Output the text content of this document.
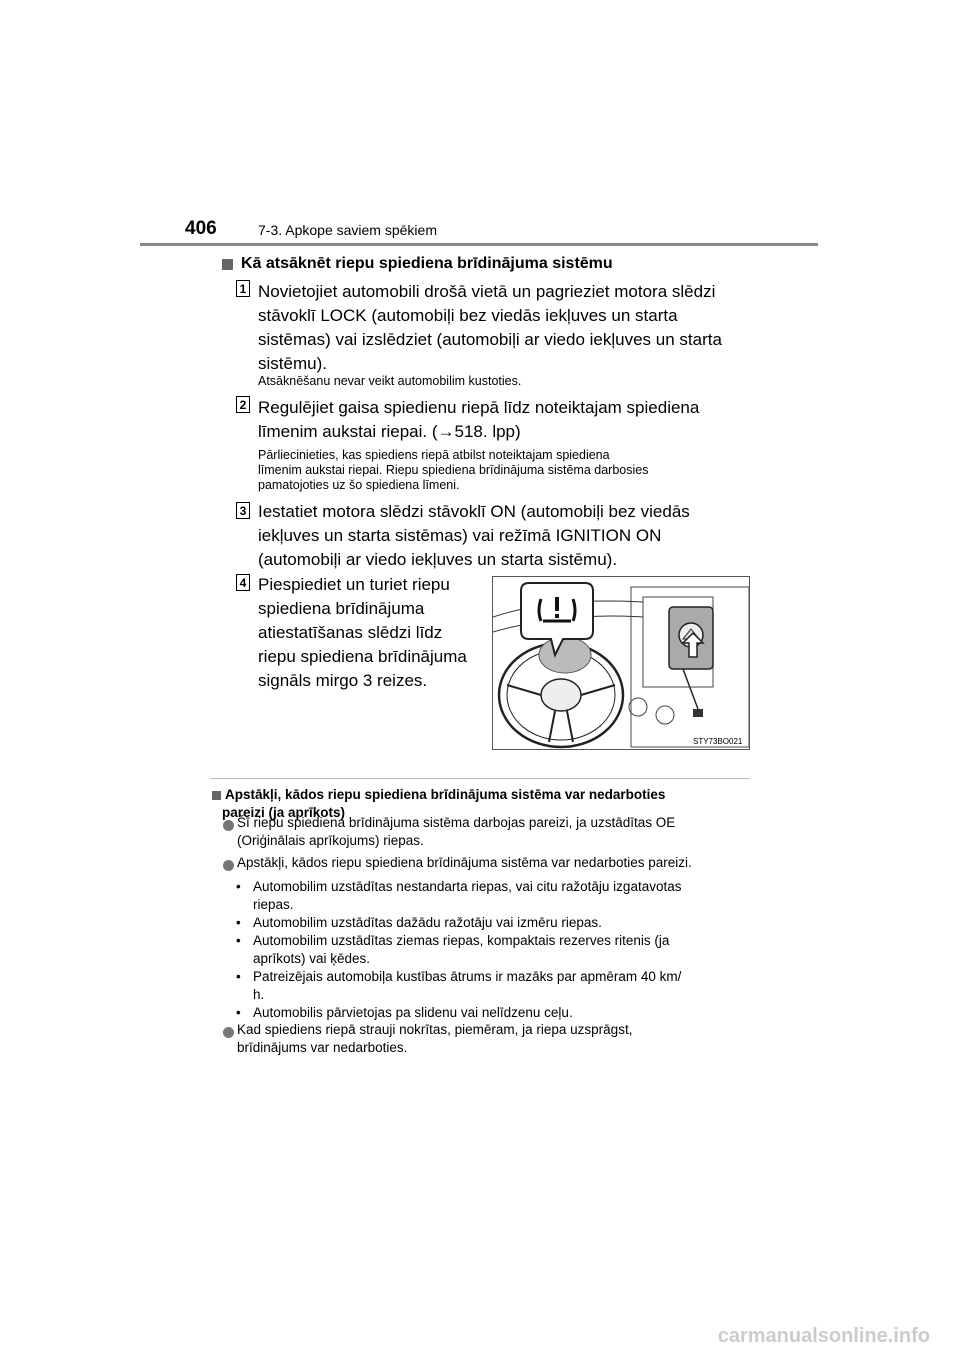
406	7-3. Apkope saviem spēkiem
Kā atsāknēt riepu spiediena brīdinājuma sistēmu
1 Novietojiet automobili drošā vietā un pagrieziet motora slēdzi
stāvoklī LOCK (automobiļi bez viedās iekļuves un starta
sistēmas) vai izslēdziet (automobiļi ar viedo iekļuves un starta
sistēmu).
Atsāknēšanu nevar veikt automobilim kustoties.
2 Regulējiet gaisa spiedienu riepā līdz noteiktajam spiediena
līmenim aukstai riepai. (→518. lpp)
Pārliecinieties, kas spiediens riepā atbilst noteiktajam spiediena
līmenim aukstai riepai. Riepu spiediena brīdinājuma sistēma darbosies
pamatojoties uz šo spiediena līmeni.
3 Iestatiet motora slēdzi stāvoklī ON (automobiļi bez viedās
iekļuves un starta sistēmas) vai režīmā IGNITION ON
(automobiļi ar viedo iekļuves un starta sistēmu).
4 Piespiediet un turiet riepu
spiediena brīdinājuma
atiestatīšanas slēdzi līdz
riepu spiediena brīdinājuma
signāls mirgo 3 reizes.
STY73BO021
Apstākļi, kādos riepu spiediena brīdinājuma sistēma var nedarboties
pareizi (ja aprīkots)
Šī riepu spiediena brīdinājuma sistēma darbojas pareizi, ja uzstādītas OE
(Oriģinālais aprīkojums) riepas.
Apstākļi, kādos riepu spiediena brīdinājuma sistēma var nedarboties pareizi.
• Automobilim uzstādītas nestandarta riepas, vai citu ražotāju izgatavotas
riepas.
• Automobilim uzstādītas dažādu ražotāju vai izmēru riepas.
• Automobilim uzstādītas ziemas riepas, kompaktais rezerves ritenis (ja
aprīkots) vai ķēdes.
• Patreizējais automobiļa kustības ātrums ir mazāks par apmēram 40 km/
h.
• Automobilis pārvietojas pa slidenu vai nelīdzenu ceļu.
Kad spiediens riepā strauji nokrītas, piemēram, ja riepa uzsprāgst,
brīdinājums var nedarboties.
carmanualsonline.info
